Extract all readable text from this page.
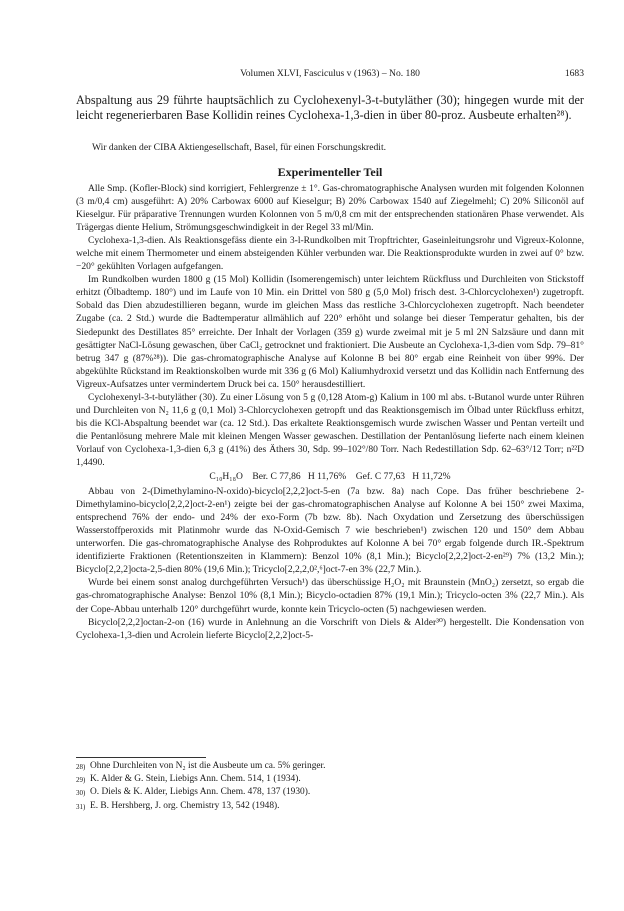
Volumen XLVI, Fasciculus v (1963) – No. 180	1683

Abspaltung aus 29 führte hauptsächlich zu Cyclohexenyl-3-t-butyläther (30); hingegen wurde mit der leicht regenerierbaren Base Kollidin reines Cyclohexa-1,3-dien in über 80-proz. Ausbeute erhalten²⁸).

Wir danken der CIBA Aktiengesellschaft, Basel, für einen Forschungskredit.
Experimenteller Teil

Alle Smp. (Kofler-Block) sind korrigiert, Fehlergrenze ± 1°. Gas-chromatographische Analysen wurden mit folgenden Kolonnen (3 m/0,4 cm) ausgeführt: A) 20% Carbowax 6000 auf Kieselgur; B) 20% Carbowax 1540 auf Ziegelmehl; C) 20% Siliconöl auf Kieselgur. Für präparative Trennungen wurden Kolonnen von 5 m/0,8 cm mit der entsprechenden stationären Phase verwendet. Als Trägergas diente Helium, Strömungsgeschwindigkeit in der Regel 33 ml/Min.

Cyclohexa-1,3-dien. Als Reaktionsgefäss diente ein 3-l-Rundkolben mit Tropftrichter, Gaseinleitungsrohr und Vigreux-Kolonne, welche mit einem Thermometer und einem absteigenden Kühler verbunden war. Die Reaktionsprodukte wurden in zwei auf 0° bzw. −20° gekühlten Vorlagen aufgefangen.

Im Rundkolben wurden 1800 g (15 Mol) Kollidin (Isomerengemisch) unter leichtem Rückfluss und Durchleiten von Stickstoff erhitzt (Ölbadtemp. 180°) und im Laufe von 10 Min. ein Drittel von 580 g (5,0 Mol) frisch dest. 3-Chlorcyclohexen¹) zugetropft. Sobald das Dien abzudestillieren begann, wurde im gleichen Mass das restliche 3-Chlorcyclohexen zugetropft. Nach beendeter Zugabe (ca. 2 Std.) wurde die Badtemperatur allmählich auf 220° erhöht und solange bei dieser Temperatur gehalten, bis der Siedepunkt des Destillates 85° erreichte. Der Inhalt der Vorlagen (359 g) wurde zweimal mit je 5 ml 2N Salzsäure und dann mit gesättigter NaCl-Lösung gewaschen, über CaCl₂ getrocknet und fraktioniert. Die Ausbeute an Cyclohexa-1,3-dien vom Sdp. 79–81° betrug 347 g (87%²⁸)). Die gas-chromatographische Analyse auf Kolonne B bei 80° ergab eine Reinheit von über 99%. Der abgekühlte Rückstand im Reaktionskolben wurde mit 336 g (6 Mol) Kaliumhydroxid versetzt und das Kollidin nach Entfernung des Vigreux-Aufsatzes unter vermindertem Druck bei ca. 150° herausdestilliert.

Cyclohexenyl-3-t-butyläther (30). Zu einer Lösung von 5 g (0,128 Atom-g) Kalium in 100 ml abs. t-Butanol wurde unter Rühren und Durchleiten von N₂ 11,6 g (0,1 Mol) 3-Chlorcyclohexen getropft und das Reaktionsgemisch im Ölbad unter Rückfluss erhitzt, bis die KCl-Abspaltung beendet war (ca. 12 Std.). Das erkaltete Reaktionsgemisch wurde zwischen Wasser und Pentan verteilt und die Pentanlösung mehrere Male mit kleinen Mengen Wasser gewaschen. Destillation der Pentanlösung lieferte nach einem kleinen Vorlauf von Cyclohexa-1,3-dien 6,3 g (41%) des Äthers 30, Sdp. 99–102°/80 Torr. Nach Redestillation Sdp. 62–63°/12 Torr; n²²D 1,4490.

C₁₀H₁₈O    Ber. C 77,86   H 11,76%    Gef. C 77,63   H 11,72%

Abbau von 2-(Dimethylamino-N-oxido)-bicyclo[2,2,2]oct-5-en (7a bzw. 8a) nach Cope. Das früher beschriebene 2-Dimethylamino-bicyclo[2,2,2]oct-2-en¹) zeigte bei der gas-chromatographischen Analyse auf Kolonne A bei 150° zwei Maxima, entsprechend 76% der endo- und 24% der exo-Form (7b bzw. 8b). Nach Oxydation und Zersetzung des überschüssigen Wasserstoffperoxids mit Platinmohr wurde das N-Oxid-Gemisch 7 wie beschrieben¹) zwischen 120 und 150° dem Abbau unterworfen. Die gas-chromatographische Analyse des Rohproduktes auf Kolonne A bei 70° ergab folgende durch IR.-Spektrum identifizierte Fraktionen (Retentionszeiten in Klammern): Benzol 10% (8,1 Min.); Bicyclo[2,2,2]oct-2-en²⁹) 7% (13,2 Min.); Bicyclo[2,2,2]octa-2,5-dien 80% (19,6 Min.); Tricyclo[2,2,2,0²,⁶]oct-7-en 3% (22,7 Min.).

Wurde bei einem sonst analog durchgeführten Versuch¹) das überschüssige H₂O₂ mit Braunstein (MnO₂) zersetzt, so ergab die gas-chromatographische Analyse: Benzol 10% (8,1 Min.); Bicyclo-octadien 87% (19,1 Min.); Tricyclo-octen 3% (22,7 Min.). Als der Cope-Abbau unterhalb 120° durchgeführt wurde, konnte kein Tricyclo-octen (5) nachgewiesen werden.

Bicyclo[2,2,2]octan-2-on (16) wurde in Anlehnung an die Vorschrift von Diels & Alder³⁰) hergestellt. Die Kondensation von Cyclohexa-1,3-dien und Acrolein lieferte Bicyclo[2,2,2]oct-5-

28) Ohne Durchleiten von N₂ ist die Ausbeute um ca. 5% geringer.
29) K. Alder & G. Stein, Liebigs Ann. Chem. 514, 1 (1934).
30) O. Diels & K. Alder, Liebigs Ann. Chem. 478, 137 (1930).
31) E. B. Hershberg, J. org. Chemistry 13, 542 (1948).
